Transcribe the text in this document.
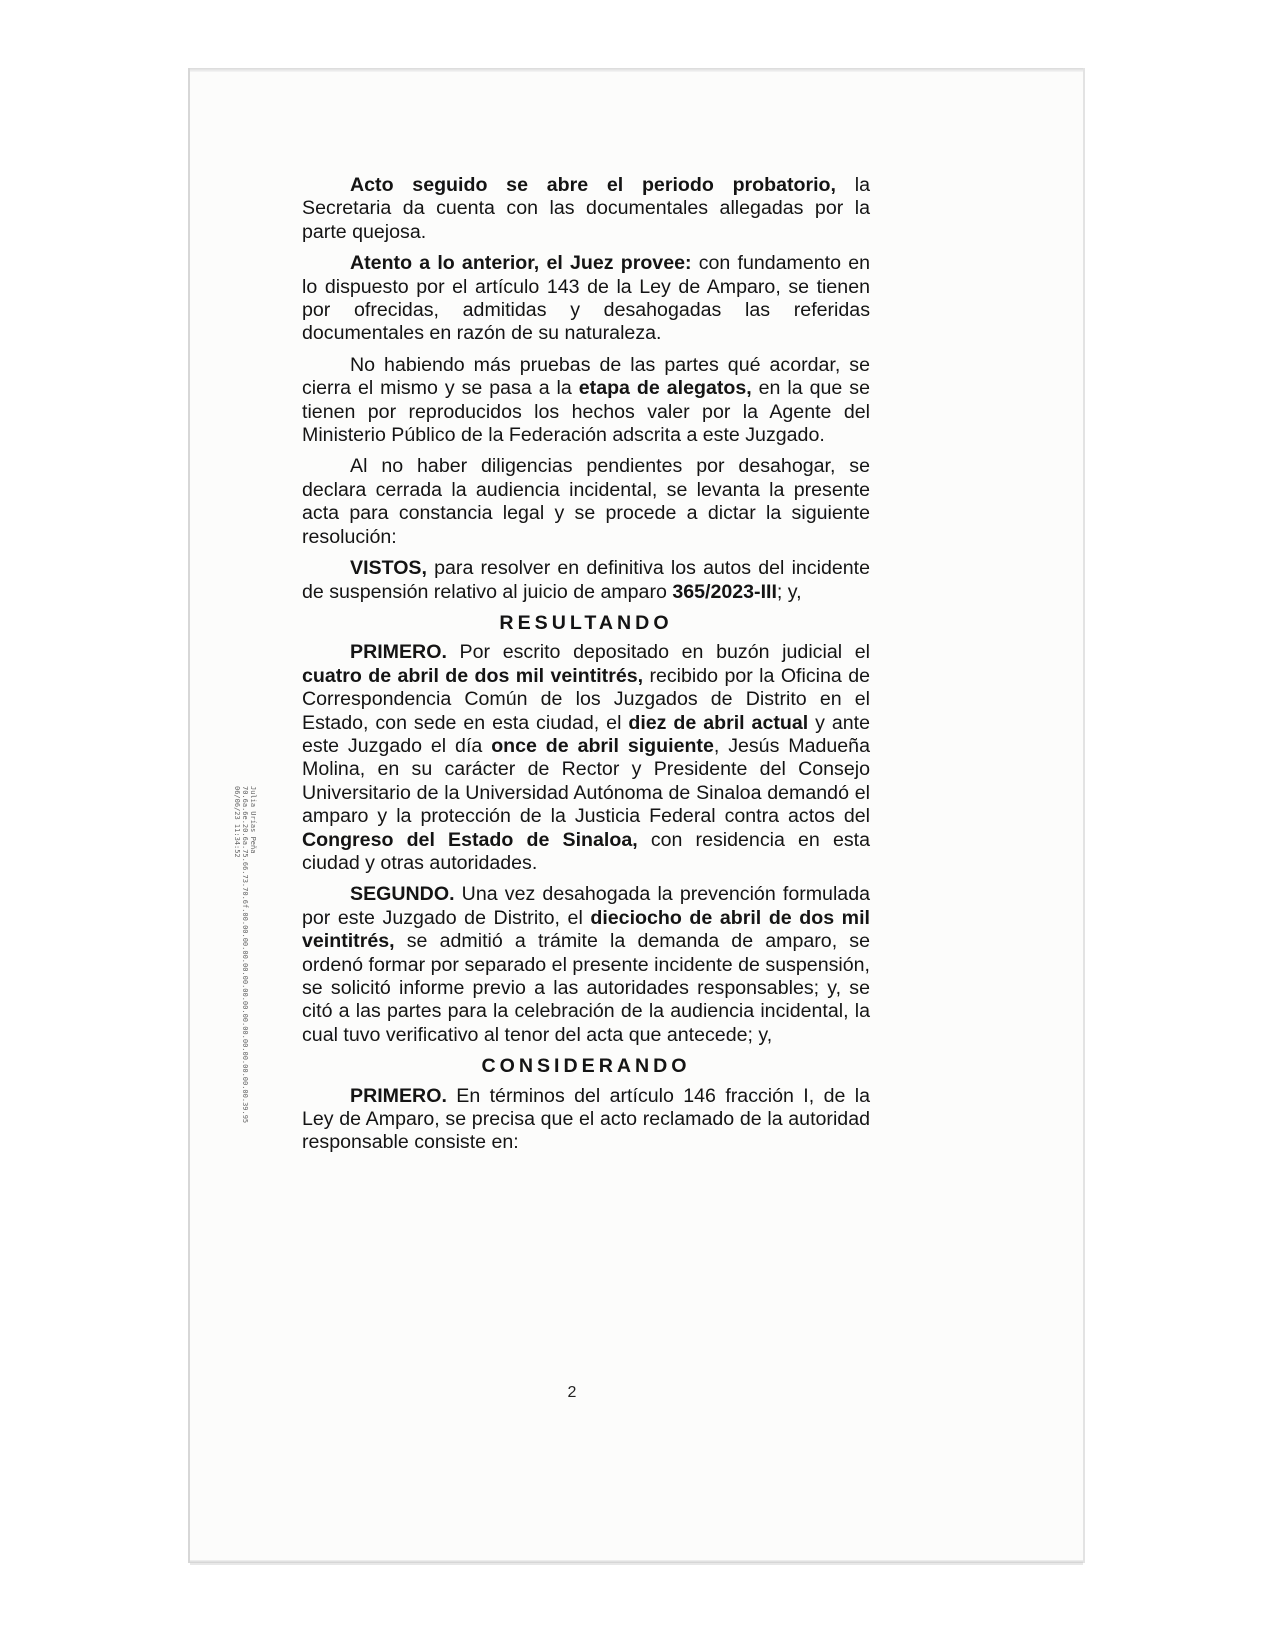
Julia Urías Peña
70.6a.6e.20.6a.75.66.73.70.6f.00.00.00.00.00.00.00.00.00.00.00.00.00.00.00.39.95
06/06/23 11:34:52

Acto seguido se abre el periodo probatorio, la Secretaria da cuenta con las documentales allegadas por la parte quejosa.

Atento a lo anterior, el Juez provee: con fundamento en lo dispuesto por el artículo 143 de la Ley de Amparo, se tienen por ofrecidas, admitidas y desahogadas las referidas documentales en razón de su naturaleza.

No habiendo más pruebas de las partes qué acordar, se cierra el mismo y se pasa a la etapa de alegatos, en la que se tienen por reproducidos los hechos valer por la Agente del Ministerio Público de la Federación adscrita a este Juzgado.

Al no haber diligencias pendientes por desahogar, se declara cerrada la audiencia incidental, se levanta la presente acta para constancia legal y se procede a dictar la siguiente resolución:

VISTOS, para resolver en definitiva los autos del incidente de suspensión relativo al juicio de amparo 365/2023-III; y,

RESULTANDO

PRIMERO. Por escrito depositado en buzón judicial el cuatro de abril de dos mil veintitrés, recibido por la Oficina de Correspondencia Común de los Juzgados de Distrito en el Estado, con sede en esta ciudad, el diez de abril actual y ante este Juzgado el día once de abril siguiente, Jesús Madueña Molina, en su carácter de Rector y Presidente del Consejo Universitario de la Universidad Autónoma de Sinaloa demandó el amparo y la protección de la Justicia Federal contra actos del Congreso del Estado de Sinaloa, con residencia en esta ciudad y otras autoridades.

SEGUNDO. Una vez desahogada la prevención formulada por este Juzgado de Distrito, el dieciocho de abril de dos mil veintitrés, se admitió a trámite la demanda de amparo, se ordenó formar por separado el presente incidente de suspensión, se solicitó informe previo a las autoridades responsables; y, se citó a las partes para la celebración de la audiencia incidental, la cual tuvo verificativo al tenor del acta que antecede; y,

CONSIDERANDO

PRIMERO. En términos del artículo 146 fracción I, de la Ley de Amparo, se precisa que el acto reclamado de la autoridad responsable consiste en:

2
